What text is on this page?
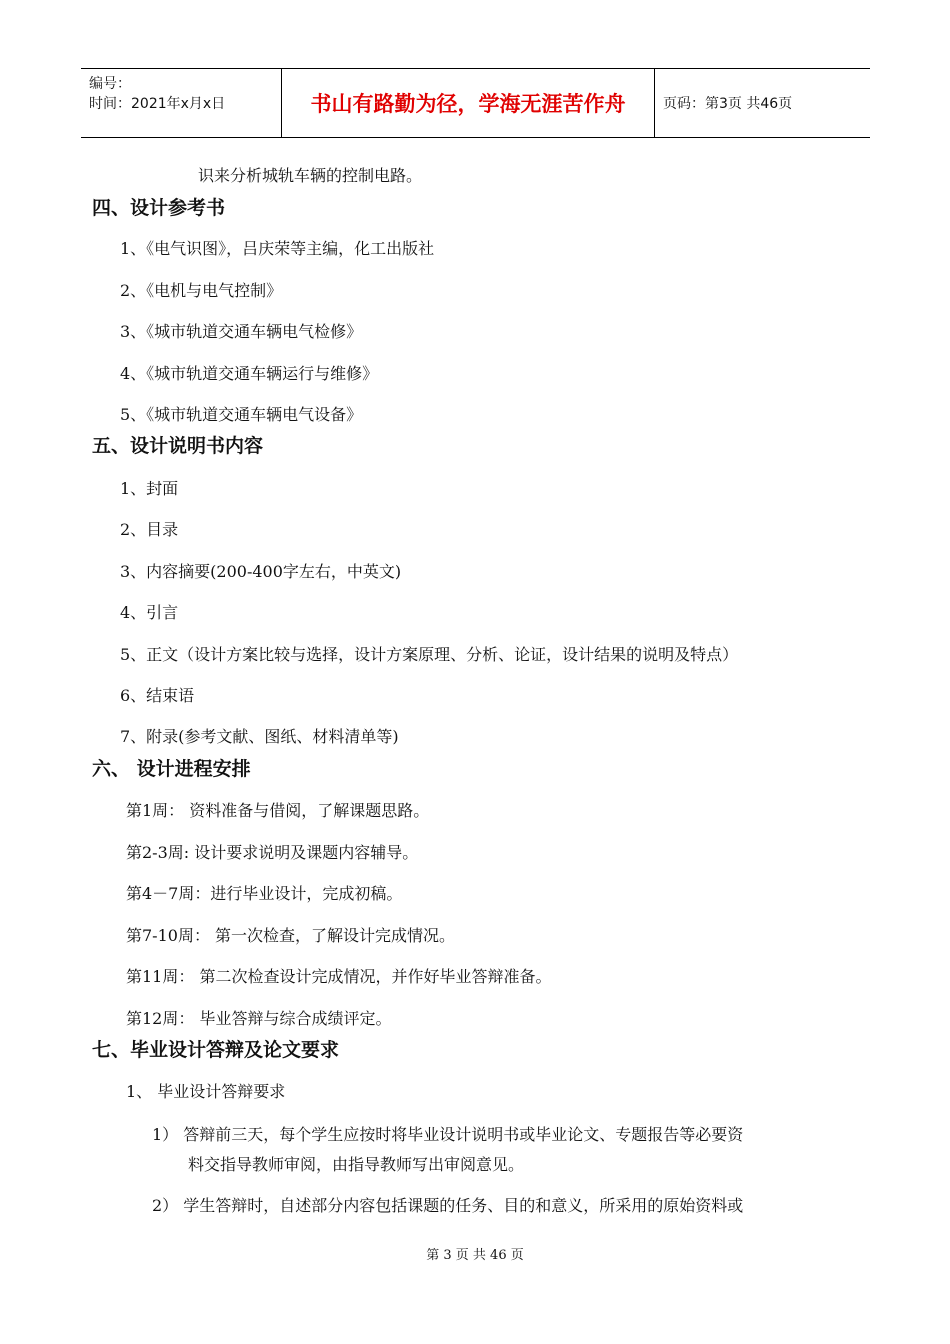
编号：
时间：2021年x月x日	书山有路勤为径，学海无涯苦作舟	页码：第3页 共46页
识来分析城轨车辆的控制电路。
四、设计参考书
1、《电气识图》，吕庆荣等主编，化工出版社
2、《电机与电气控制》
3、《城市轨道交通车辆电气检修》
4、《城市轨道交通车辆运行与维修》
5、《城市轨道交通车辆电气设备》
五、设计说明书内容
1、封面
2、目录
3、内容摘要(200-400字左右，中英文)
4、引言
5、正文（设计方案比较与选择，设计方案原理、分析、论证，设计结果的说明及特点）
6、结束语
7、附录(参考文献、图纸、材料清单等)
六、 设计进程安排
第1周： 资料准备与借阅，了解课题思路。
第2-3周: 设计要求说明及课题内容辅导。
第4－7周：进行毕业设计，完成初稿。
第7-10周： 第一次检查，了解设计完成情况。
第11周： 第二次检查设计完成情况，并作好毕业答辩准备。
第12周： 毕业答辩与综合成绩评定。
七、毕业设计答辩及论文要求
1、 毕业设计答辩要求
1） 答辩前三天，每个学生应按时将毕业设计说明书或毕业论文、专题报告等必要资
料交指导教师审阅，由指导教师写出审阅意见。
2） 学生答辩时，自述部分内容包括课题的任务、目的和意义，所采用的原始资料或
第 3 页 共 46 页
